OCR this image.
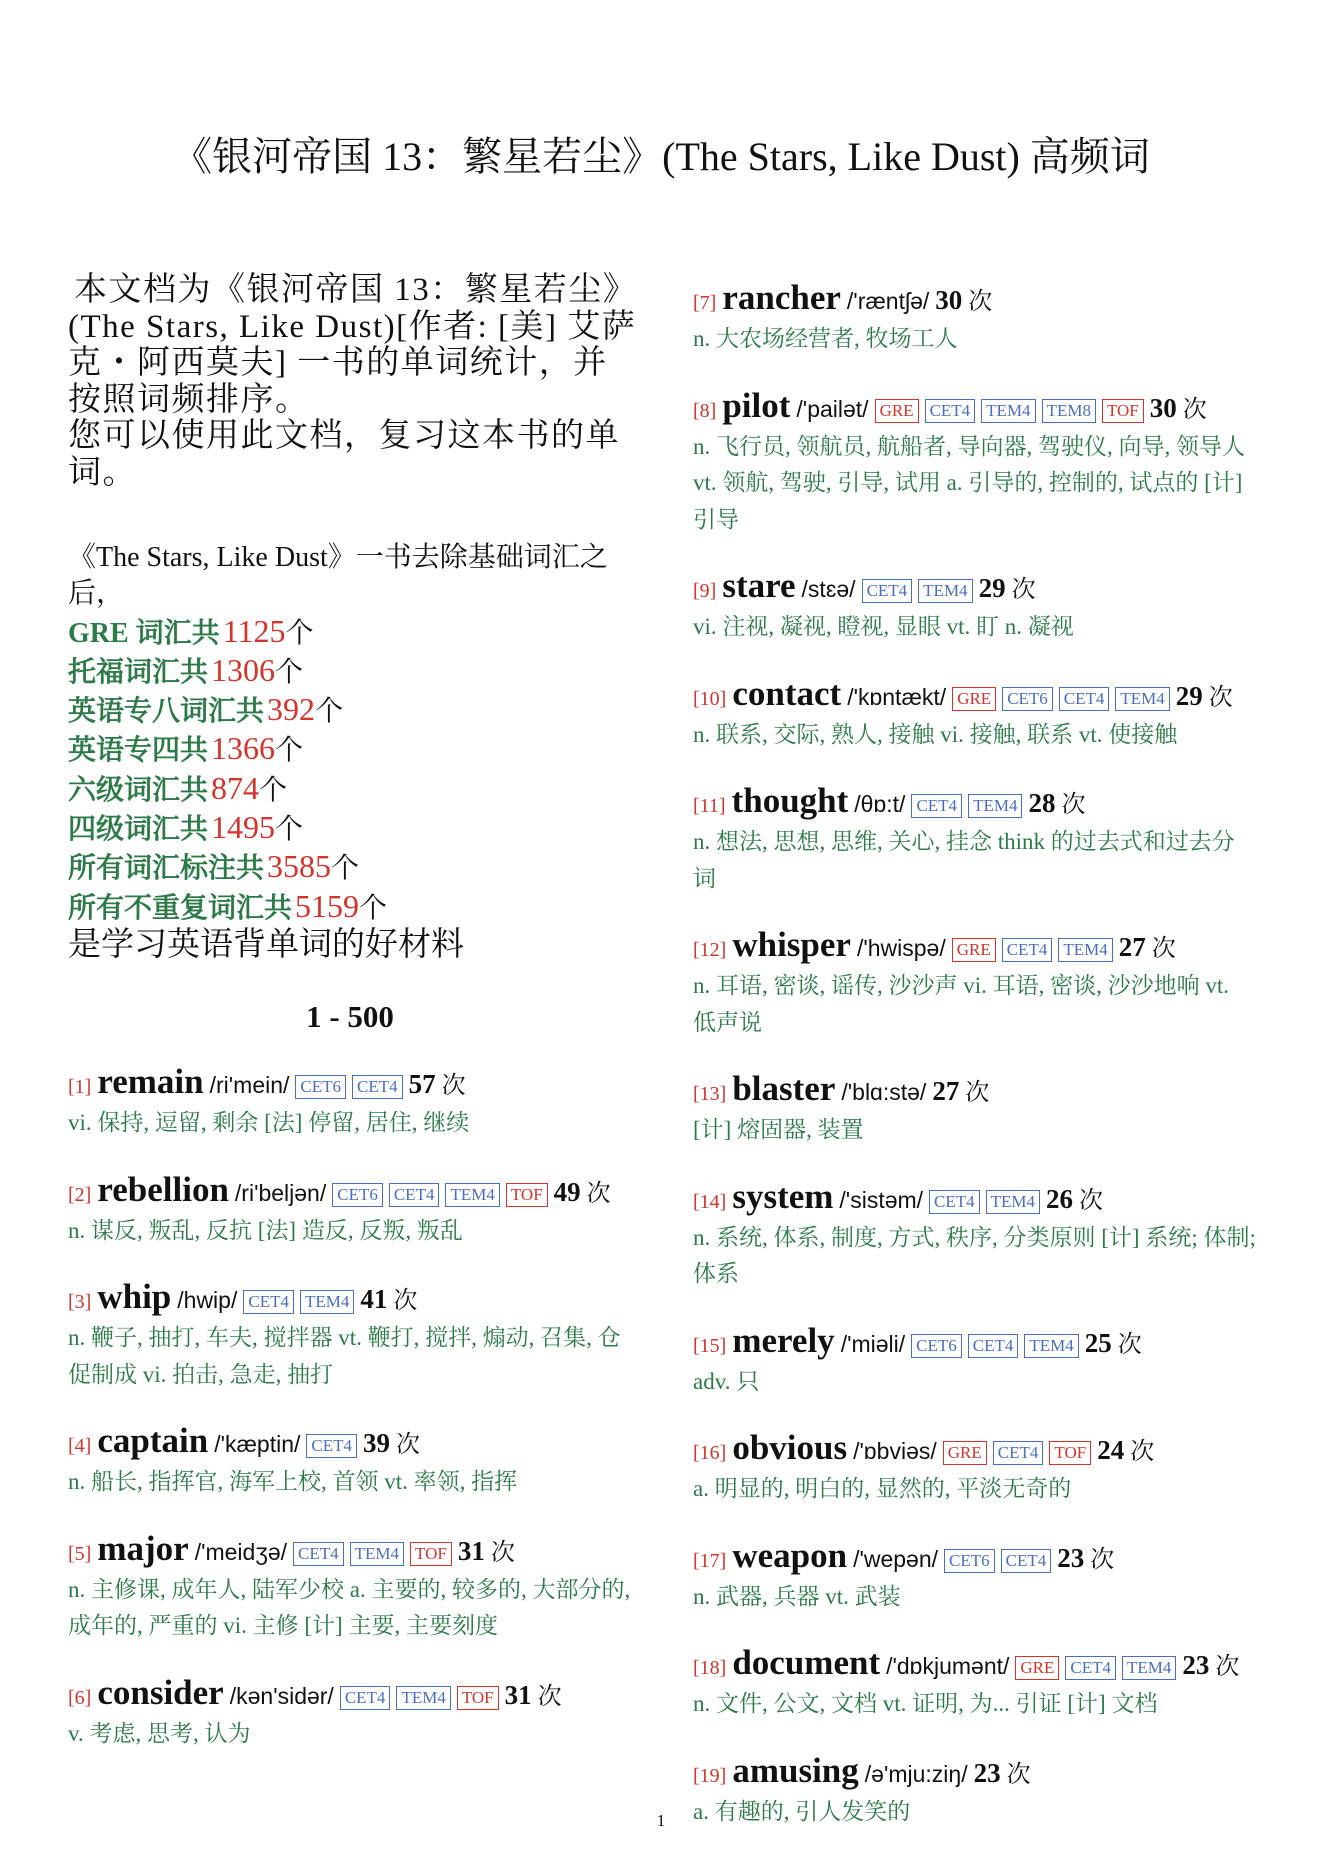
《银河帝国 13：繁星若尘》(The Stars, Like Dust) 高频词

本文档为《银河帝国 13：繁星若尘》(The Stars, Like Dust)[作者: [美] 艾萨克・阿西莫夫] 一书的单词统计，并按照词频排序。

您可以使用此文档，复习这本书的单词。

《The Stars, Like Dust》一书去除基础词汇之后，
GRE 词汇共1125个
托福词汇共1306个
英语专八词汇共392个
英语专四共1366个
六级词汇共874个
四级词汇共1495个
所有词汇标注共3585个
所有不重复词汇共5159个
是学习英语背单词的好材料
1 - 500
[1] remain /ri'mein/ CET6 CET4 57 次
vi. 保持, 逗留, 剩余 [法] 停留, 居住, 继续
[2] rebellion /ri'beljən/ CET6 CET4 TEM4 TOF 49 次
n. 谋反, 叛乱, 反抗 [法] 造反, 反叛, 叛乱
[3] whip /hwip/ CET4 TEM4 41 次
n. 鞭子, 抽打, 车夫, 搅拌器 vt. 鞭打, 搅拌, 煽动, 召集, 仓促制成 vi. 拍击, 急走, 抽打
[4] captain /'kæptin/ CET4 39 次
n. 船长, 指挥官, 海军上校, 首领 vt. 率领, 指挥
[5] major /'meidʒə/ CET4 TEM4 TOF 31 次
n. 主修课, 成年人, 陆军少校 a. 主要的, 较多的, 大部分的, 成年的, 严重的 vi. 主修 [计] 主要, 主要刻度
[6] consider /kən'sidər/ CET4 TEM4 TOF 31 次
v. 考虑, 思考, 认为
[7] rancher /'ræntʃə/ 30 次
n. 大农场经营者, 牧场工人
[8] pilot /'pailət/ GRE CET4 TEM4 TEM8 TOF 30 次
n. 飞行员, 领航员, 航船者, 导向器, 驾驶仪, 向导, 领导人 vt. 领航, 驾驶, 引导, 试用 a. 引导的, 控制的, 试点的 [计] 引导
[9] stare /stɛə/ CET4 TEM4 29 次
vi. 注视, 凝视, 瞪视, 显眼 vt. 盯 n. 凝视
[10] contact /'kɒntækt/ GRE CET6 CET4 TEM4 29 次
n. 联系, 交际, 熟人, 接触 vi. 接触, 联系 vt. 使接触
[11] thought /θɒ:t/ CET4 TEM4 28 次
n. 想法, 思想, 思维, 关心, 挂念 think 的过去式和过去分词
[12] whisper /'hwispə/ GRE CET4 TEM4 27 次
n. 耳语, 密谈, 谣传, 沙沙声 vi. 耳语, 密谈, 沙沙地响 vt. 低声说
[13] blaster /'blɑ:stə/ 27 次
[计] 熔固器, 装置
[14] system /'sistəm/ CET4 TEM4 26 次
n. 系统, 体系, 制度, 方式, 秩序, 分类原则 [计] 系统; 体制; 体系
[15] merely /'miəli/ CET6 CET4 TEM4 25 次
adv. 只
[16] obvious /'ɒbviəs/ GRE CET4 TOF 24 次
a. 明显的, 明白的, 显然的, 平淡无奇的
[17] weapon /'wepən/ CET6 CET4 23 次
n. 武器, 兵器 vt. 武装
[18] document /'dɒkjumənt/ GRE CET4 TEM4 23 次
n. 文件, 公文, 文档 vt. 证明, 为... 引证 [计] 文档
[19] amusing /ə'mju:ziŋ/ 23 次
a. 有趣的, 引人发笑的
1
